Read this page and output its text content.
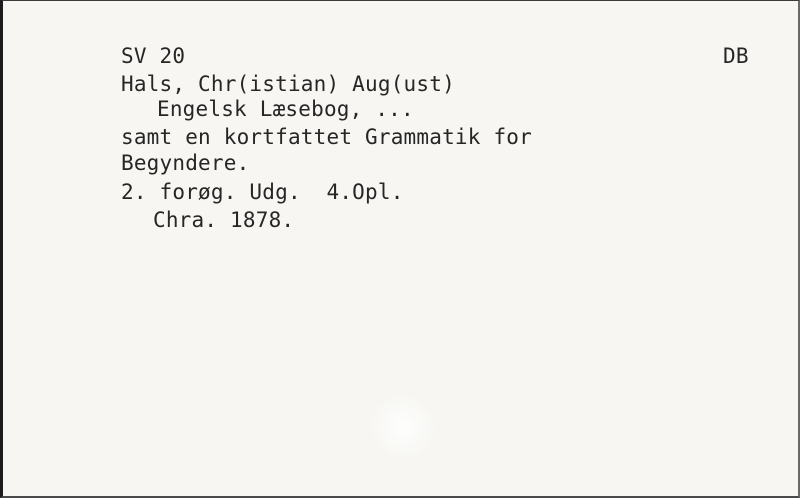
SV 20	DB
Hals, Chr(istian) Aug(ust)
Engelsk Læsebog, ...
samt en kortfattet Grammatik for
Begyndere.
2. forøg. Udg.  4.Opl.
Chra. 1878.
